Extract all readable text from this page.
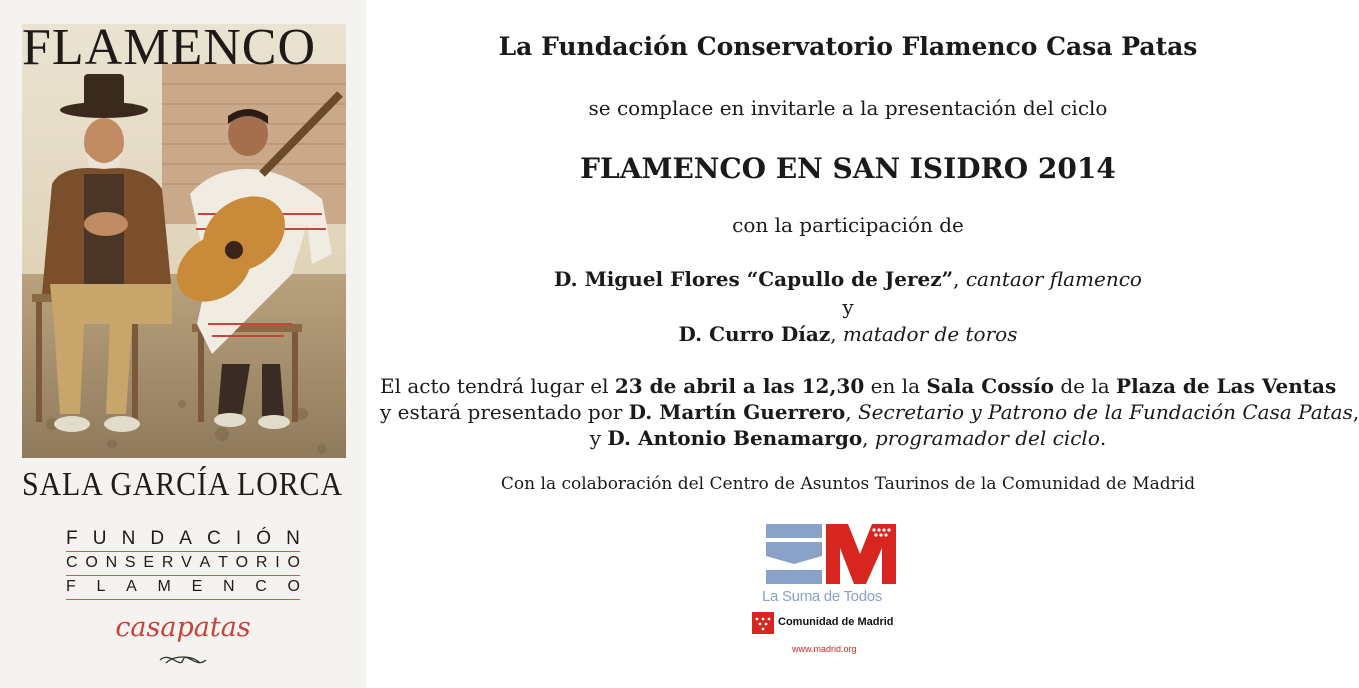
FLAMENCO
SALA GARCÍA LORCA
F U N D A C I Ó N
C O N S E R V A T O R I O
F L A M E N C O
casapatas
La Fundación Conservatorio Flamenco Casa Patas
se complace en invitarle a la presentación del ciclo
FLAMENCO EN SAN ISIDRO 2014
con la participación de
D. Miguel Flores “Capullo de Jerez”, cantaor flamenco
y
D. Curro Díaz, matador de toros
El acto tendrá lugar el 23 de abril a las 12,30 en la Sala Cossío de la Plaza de Las Ventas
y estará presentado por D. Martín Guerrero, Secretario y Patrono de la Fundación Casa Patas,
y D. Antonio Benamargo, programador del ciclo.
Con la colaboración del Centro de Asuntos Taurinos de la Comunidad de Madrid
La Suma de Todos
Comunidad de Madrid
www.madrid.org
